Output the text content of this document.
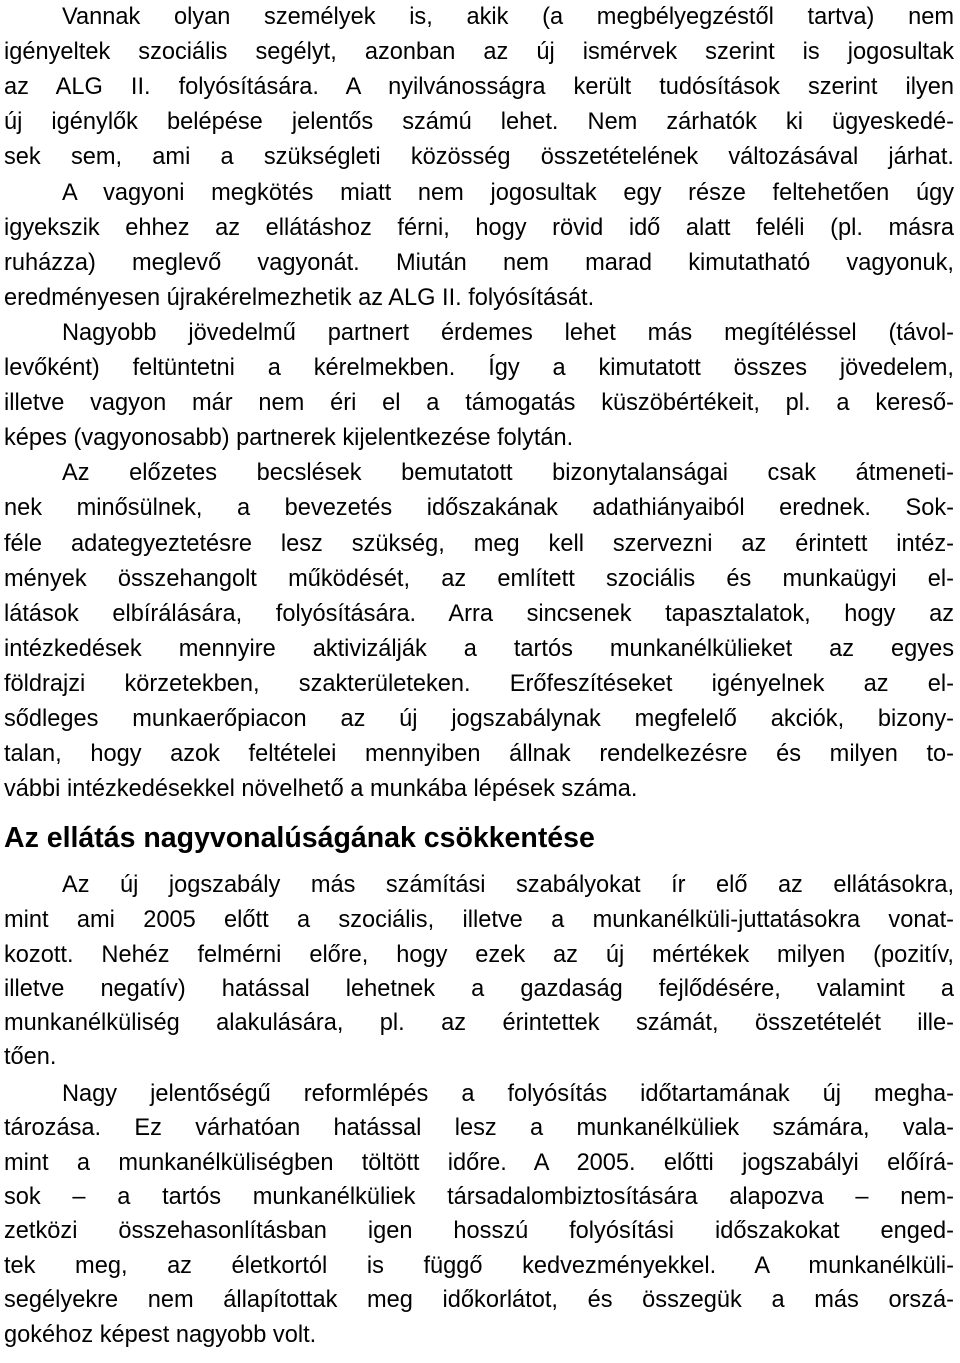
Vannak olyan személyek is, akik (a megbélyegzéstől tartva) nem
igényeltek szociális segélyt, azonban az új ismérvek szerint is jogosultak
az ALG II. folyósítására. A nyilvánosságra került tudósítások szerint ilyen
új igénylők belépése jelentős számú lehet. Nem zárhatók ki ügyeskedé-
sek sem, ami a szükségleti közösség összetételének változásával járhat.
A vagyoni megkötés miatt nem jogosultak egy része feltehetően úgy
igyekszik ehhez az ellátáshoz férni, hogy rövid idő alatt feléli (pl. másra
ruházza) meglevő vagyonát. Miután nem marad kimutatható vagyonuk,
eredményesen újrakérelmezhetik az ALG II. folyósítását.
Nagyobb jövedelmű partnert érdemes lehet más megítéléssel (távol-
levőként) feltüntetni a kérelmekben. Így a kimutatott összes jövedelem,
illetve vagyon már nem éri el a támogatás küszöbértékeit, pl. a kereső-
képes (vagyonosabb) partnerek kijelentkezése folytán.
Az előzetes becslések bemutatott bizonytalanságai csak átmeneti-
nek minősülnek, a bevezetés időszakának adathiányaiból erednek. Sok-
féle adategyeztetésre lesz szükség, meg kell szervezni az érintett intéz-
mények összehangolt működését, az említett szociális és munkaügyi el-
látások elbírálására, folyósítására. Arra sincsenek tapasztalatok, hogy az
intézkedések mennyire aktivizálják a tartós munkanélkülieket az egyes
földrajzi körzetekben, szakterületeken. Erőfeszítéseket igényelnek az el-
sődleges munkaerőpiacon az új jogszabálynak megfelelő akciók, bizony-
talan, hogy azok feltételei mennyiben állnak rendelkezésre és milyen to-
vábbi intézkedésekkel növelhető a munkába lépések száma.
Az ellátás nagyvonalúságának csökkentése
Az új jogszabály más számítási szabályokat ír elő az ellátásokra,
mint ami 2005 előtt a szociális, illetve a munkanélküli-juttatásokra vonat-
kozott. Nehéz felmérni előre, hogy ezek az új mértékek milyen (pozitív,
illetve negatív) hatással lehetnek a gazdaság fejlődésére, valamint a
munkanélküliség alakulására, pl. az érintettek számát, összetételét ille-
tően.
Nagy jelentőségű reformlépés a folyósítás időtartamának új megha-
tározása. Ez várhatóan hatással lesz a munkanélküliek számára, vala-
mint a munkanélküliségben töltött időre. A 2005. előtti jogszabályi előírá-
sok – a tartós munkanélküliek társadalombiztosítására alapozva – nem-
zetközi összehasonlításban igen hosszú folyósítási időszakokat enged-
tek meg, az életkortól is függő kedvezményekkel. A munkanélküli-
segélyekre nem állapítottak meg időkorlátot, és összegük a más orszá-
gokéhoz képest nagyobb volt.
